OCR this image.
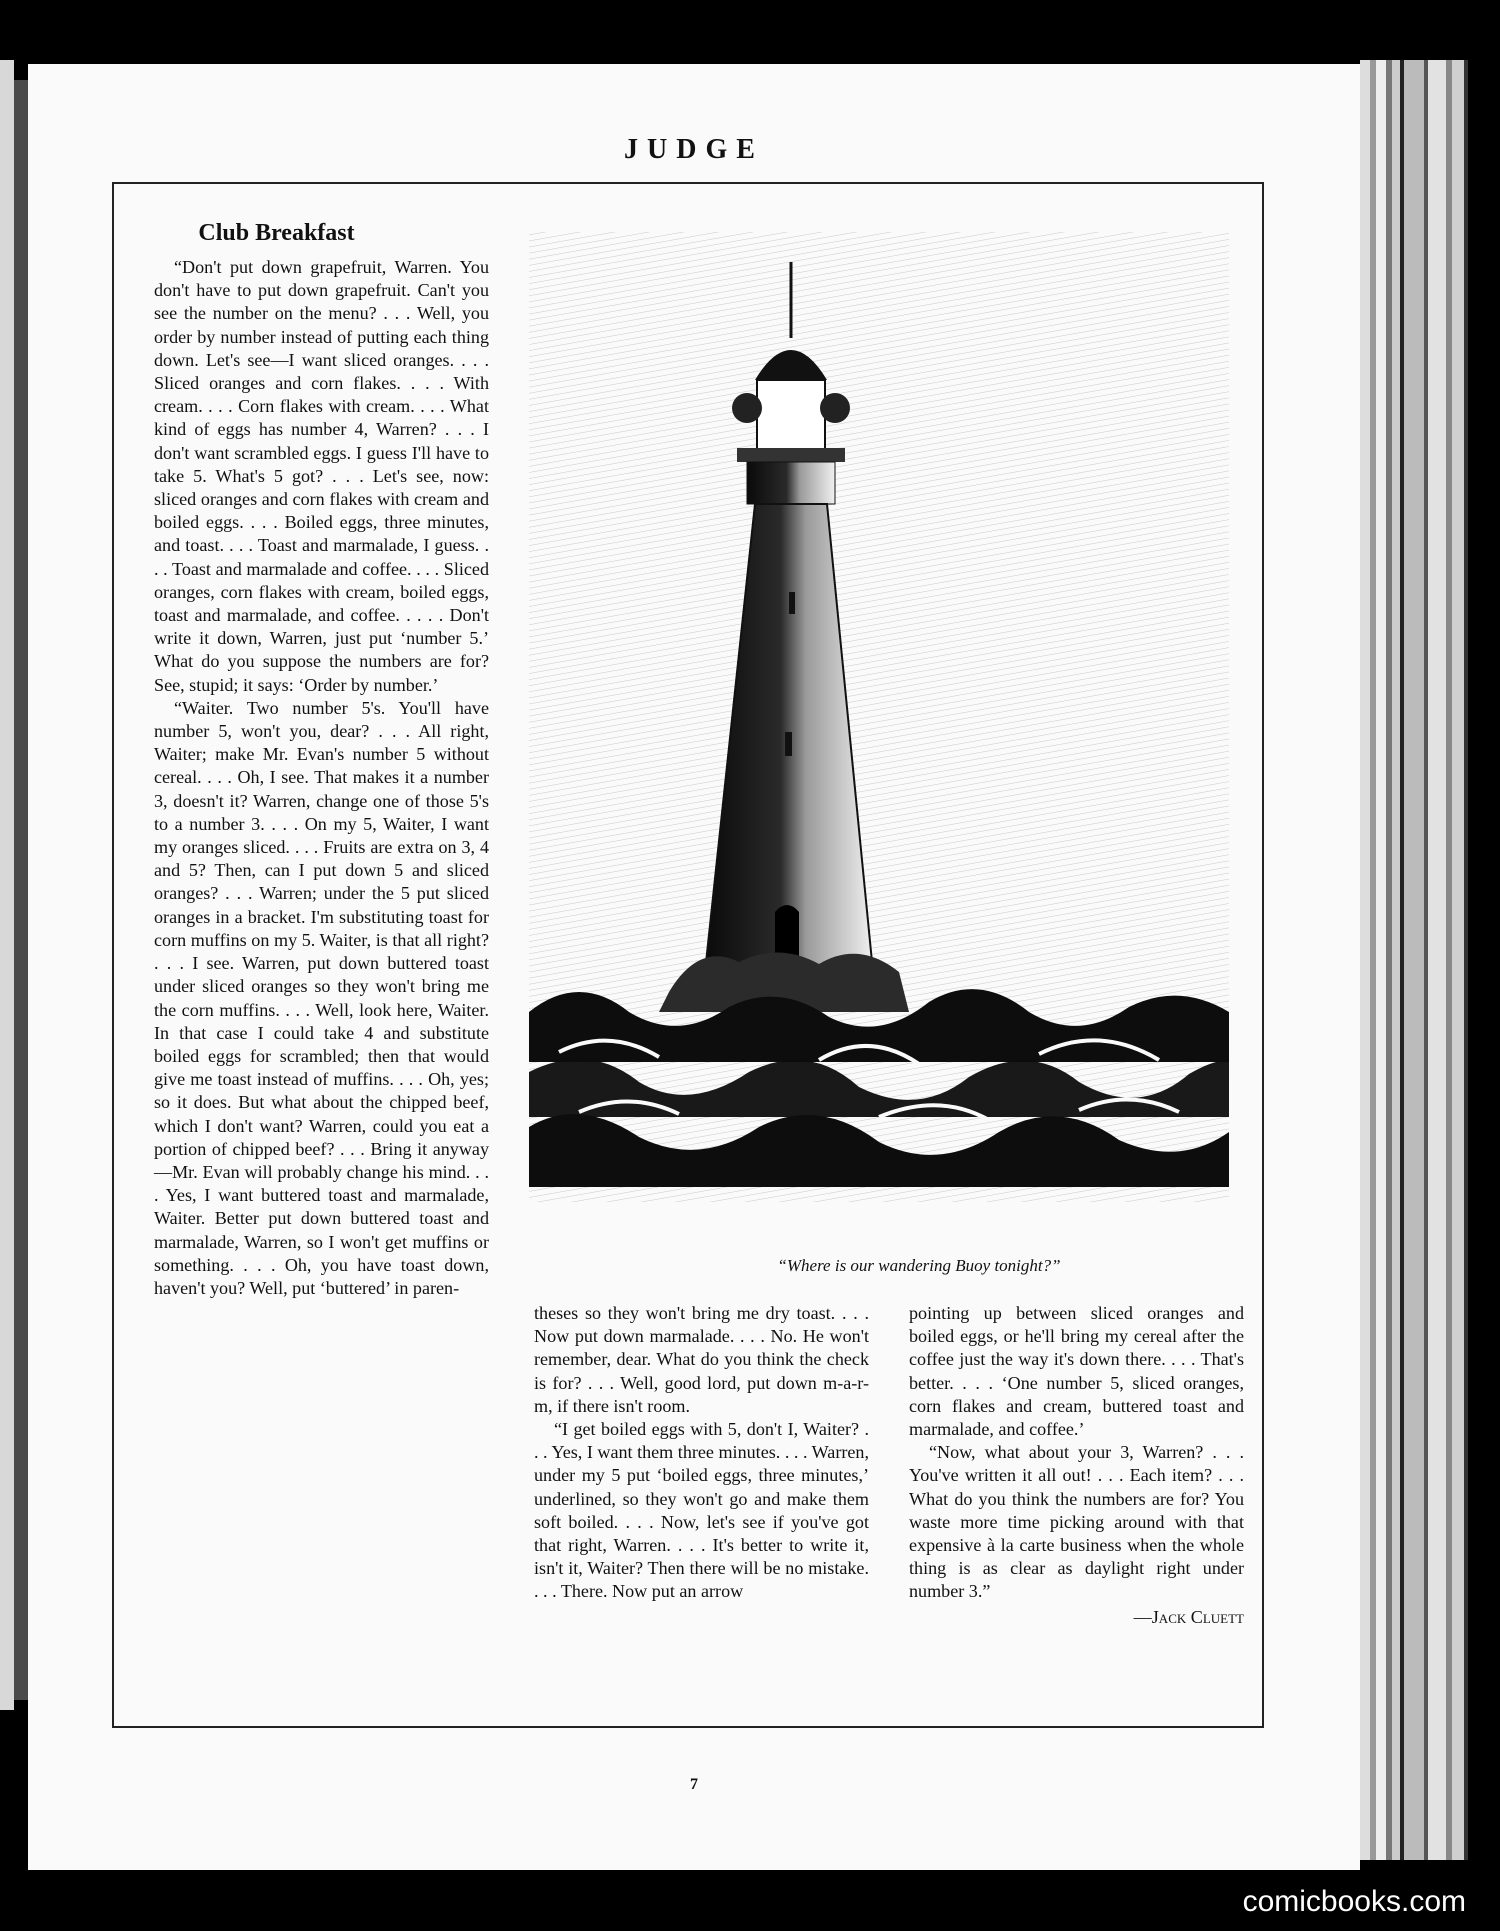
JUDGE
Club Breakfast

“Don't put down grapefruit, Warren. You don't have to put down grapefruit. Can't you see the number on the menu? . . . Well, you order by number instead of putting each thing down. Let's see—I want sliced oranges. . . . Sliced oranges and corn flakes. . . . With cream. . . . Corn flakes with cream. . . . What kind of eggs has number 4, Warren? . . . I don't want scrambled eggs. I guess I'll have to take 5. What's 5 got? . . . Let's see, now: sliced oranges and corn flakes with cream and boiled eggs. . . . Boiled eggs, three minutes, and toast. . . . Toast and marmalade, I guess. . . . Toast and marmalade and coffee. . . . Sliced oranges, corn flakes with cream, boiled eggs, toast and marmalade, and coffee. . . . . Don't write it down, Warren, just put ‘number 5.’ What do you suppose the numbers are for? See, stupid; it says: ‘Order by number.’

“Waiter. Two number 5's. You'll have number 5, won't you, dear? . . . All right, Waiter; make Mr. Evan's number 5 without cereal. . . . Oh, I see. That makes it a number 3, doesn't it? Warren, change one of those 5's to a number 3. . . . On my 5, Waiter, I want my oranges sliced. . . . Fruits are extra on 3, 4 and 5? Then, can I put down 5 and sliced oranges? . . . Warren; under the 5 put sliced oranges in a bracket. I'm substituting toast for corn muffins on my 5. Waiter, is that all right? . . . I see. Warren, put down buttered toast under sliced oranges so they won't bring me the corn muffins. . . . Well, look here, Waiter. In that case I could take 4 and substitute boiled eggs for scrambled; then that would give me toast instead of muffins. . . . Oh, yes; so it does. But what about the chipped beef, which I don't want? Warren, could you eat a portion of chipped beef? . . . Bring it anyway—Mr. Evan will probably change his mind. . . . Yes, I want buttered toast and marmalade, Waiter. Better put down buttered toast and marmalade, Warren, so I won't get muffins or something. . . . Oh, you have toast down, haven't you? Well, put ‘buttered’ in paren-

theses so they won't bring me dry toast. . . . Now put down marmalade. . . . No. He won't remember, dear. What do you think the check is for? . . . Well, good lord, put down m-a-r-m, if there isn't room.

“I get boiled eggs with 5, don't I, Waiter? . . . Yes, I want them three minutes. . . . Warren, under my 5 put ‘boiled eggs, three minutes,’ underlined, so they won't go and make them soft boiled. . . . Now, let's see if you've got that right, Warren. . . . It's better to write it, isn't it, Waiter? Then there will be no mistake. . . . There. Now put an arrow

pointing up between sliced oranges and boiled eggs, or he'll bring my cereal after the coffee just the way it's down there. . . . That's better. . . . ‘One number 5, sliced oranges, corn flakes and cream, buttered toast and marmalade, and coffee.’

“Now, what about your 3, Warren? . . . You've written it all out! . . . Each item? . . . What do you think the numbers are for? You waste more time picking around with that expensive à la carte business when the whole thing is as clear as daylight right under number 3.”

—Jack Cluett
“Where is our wandering Buoy tonight?”
7
comicbooks.com
